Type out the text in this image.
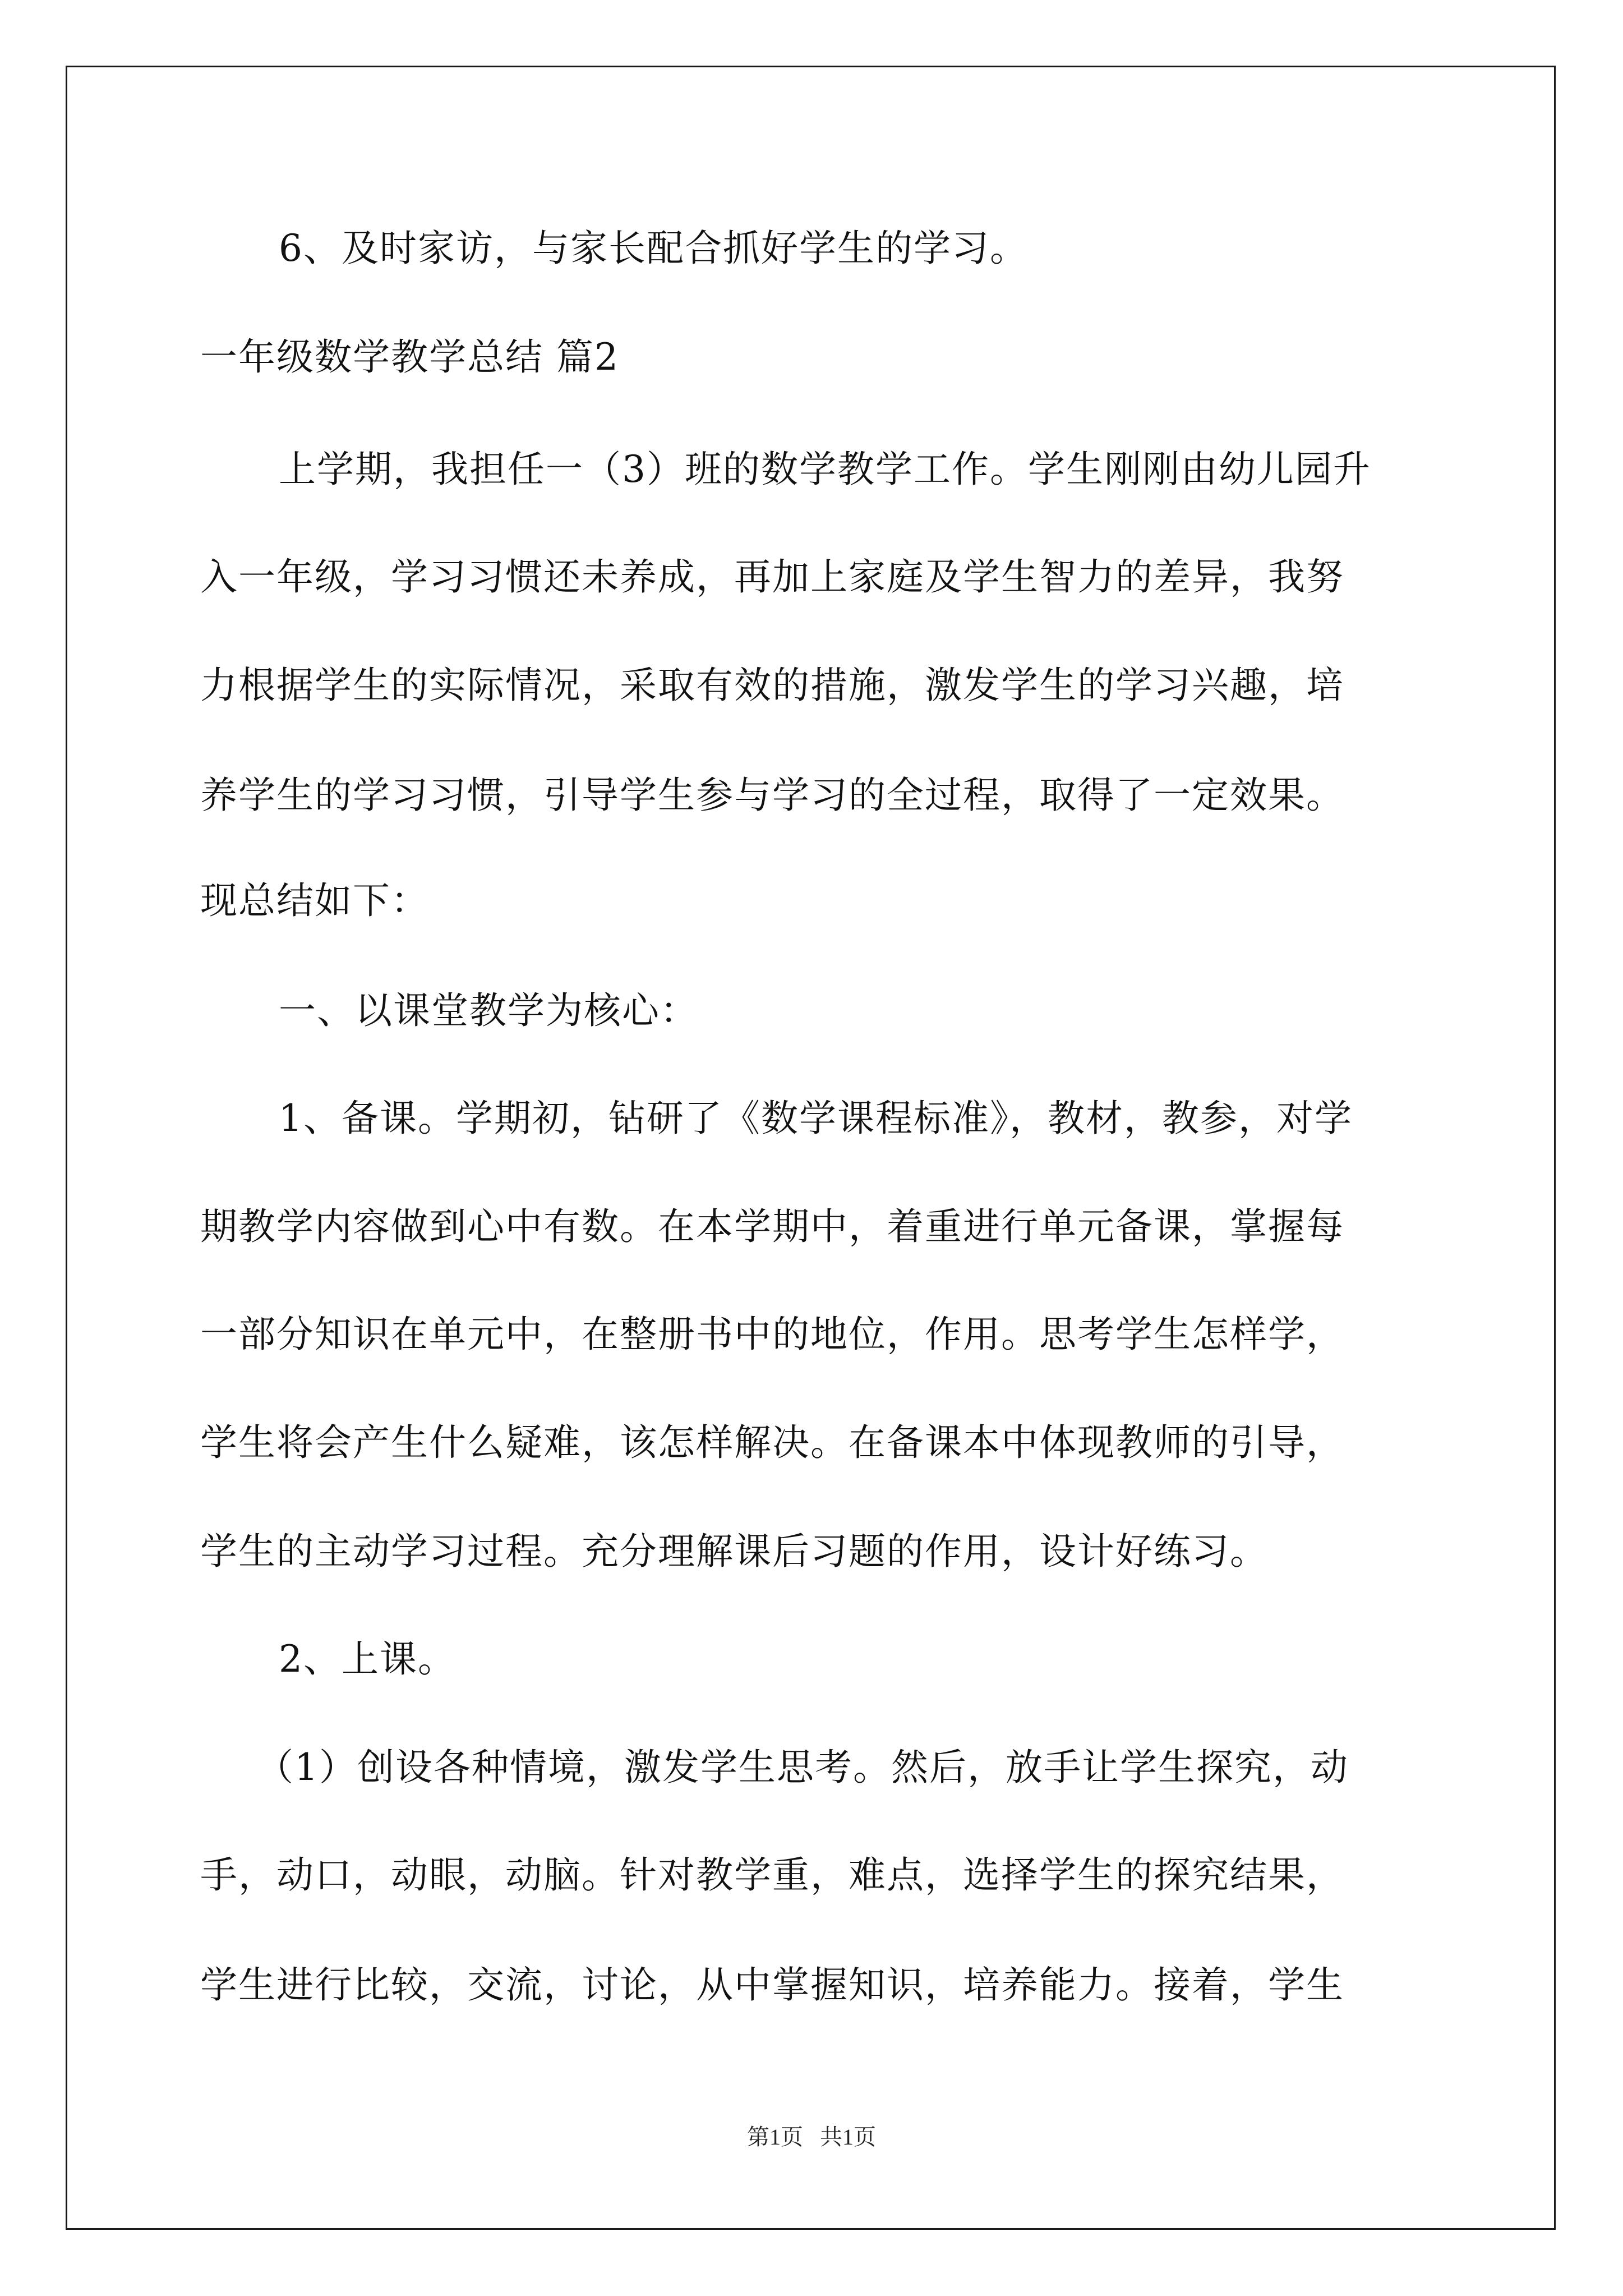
6、及时家访，与家长配合抓好学生的学习。
一年级数学教学总结 篇2
上学期，我担任一（3）班的数学教学工作。学生刚刚由幼儿园升
入一年级，学习习惯还未养成，再加上家庭及学生智力的差异，我努
力根据学生的实际情况，采取有效的措施，激发学生的学习兴趣，培
养学生的学习习惯，引导学生参与学习的全过程，取得了一定效果。
现总结如下：
一、以课堂教学为核心：
1、备课。学期初，钻研了《数学课程标准》，教材，教参，对学
期教学内容做到心中有数。在本学期中，着重进行单元备课，掌握每
一部分知识在单元中，在整册书中的地位，作用。思考学生怎样学，
学生将会产生什么疑难，该怎样解决。在备课本中体现教师的引导，
学生的主动学习过程。充分理解课后习题的作用，设计好练习。
2、上课。
（1）创设各种情境，激发学生思考。然后，放手让学生探究，动
手，动口，动眼，动脑。针对教学重，难点，选择学生的探究结果，
学生进行比较，交流，讨论，从中掌握知识，培养能力。接着，学生
第1页   共1页
